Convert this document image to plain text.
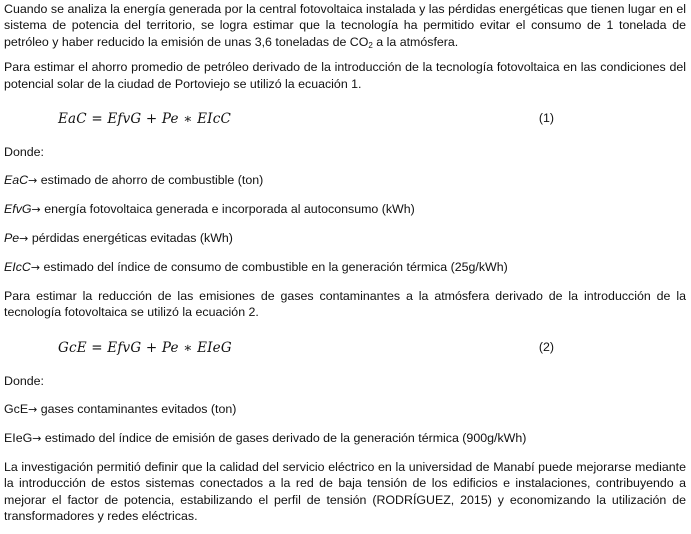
Cuando se analiza la energía generada por la central fotovoltaica instalada y las pérdidas energéticas que tienen lugar en el sistema de potencia del territorio, se logra estimar que la tecnología ha permitido evitar el consumo de 1 tonelada de petróleo y haber reducido la emisión de unas 3,6 toneladas de $CO_2$ a la atmósfera.

Para estimar el ahorro promedio de petróleo derivado de la introducción de la tecnología fotovoltaica en las condiciones del potencial solar de la ciudad de Portoviejo se utilizó la ecuación 1.

EaC = EfvG + Pe ∗ EIcC	(1)

Donde:

EaC→ estimado de ahorro de combustible (ton)

EfvG→ energía fotovoltaica generada e incorporada al autoconsumo (kWh)

Pe→ pérdidas energéticas evitadas (kWh)

EIcC→ estimado del índice de consumo de combustible en la generación térmica (25g/kWh)

Para estimar la reducción de las emisiones de gases contaminantes a la atmósfera derivado de la introducción de la tecnología fotovoltaica se utilizó la ecuación 2.

GcE = EfvG + Pe ∗ EIeG	(2)

Donde:

GcE→ gases contaminantes evitados (ton)

EIeG→ estimado del índice de emisión de gases derivado de la generación térmica (900g/kWh)

La investigación permitió definir que la calidad del servicio eléctrico en la universidad de Manabí puede mejorarse mediante la introducción de estos sistemas conectados a la red de baja tensión de los edificios e instalaciones, contribuyendo a mejorar el factor de potencia, estabilizando el perfil de tensión (RODRÍGUEZ, 2015) y economizando la utilización de transformadores y redes eléctricas.
